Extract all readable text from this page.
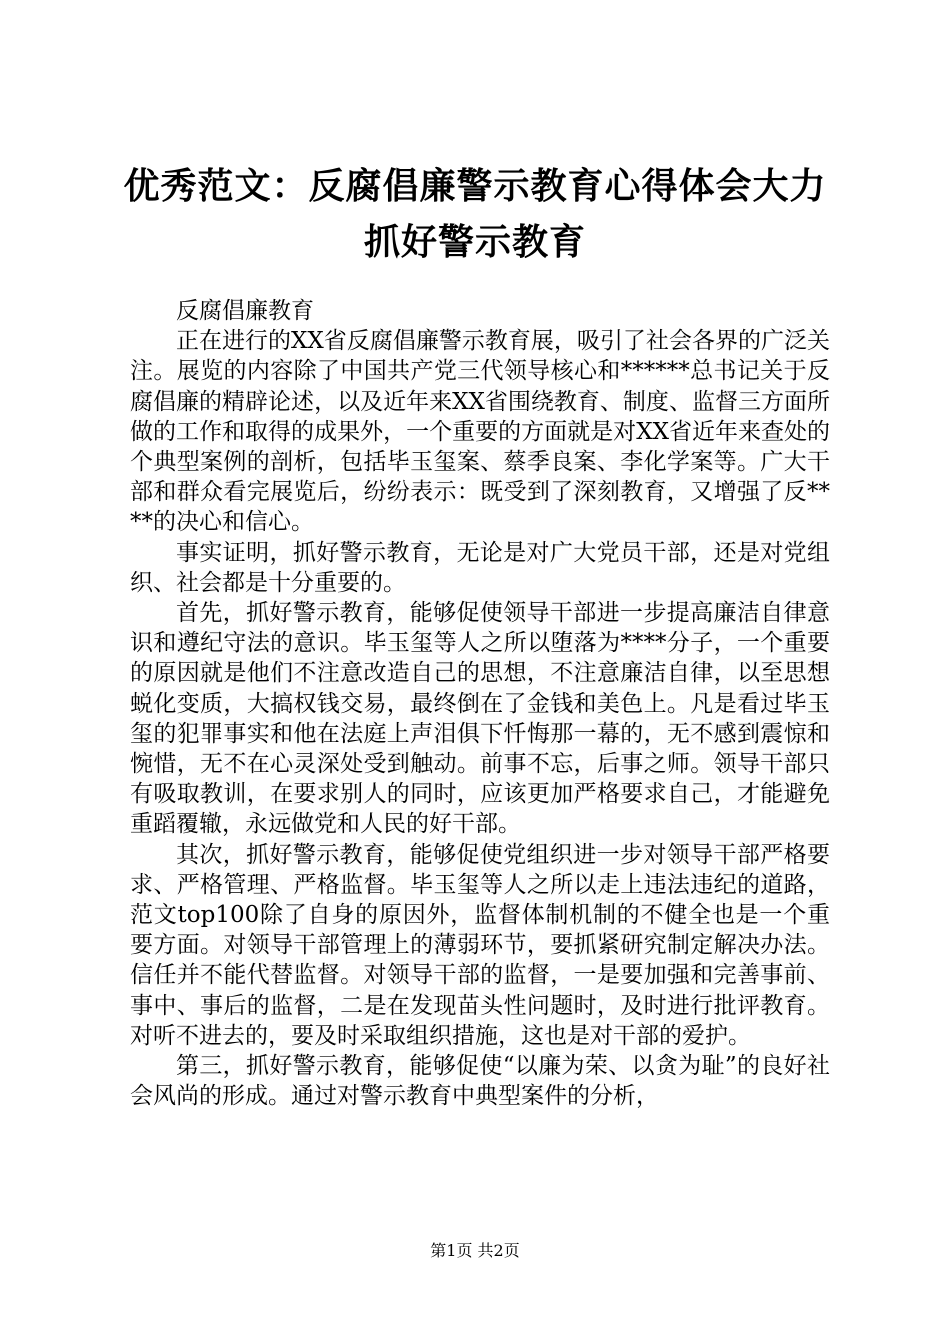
优秀范文：反腐倡廉警示教育心得体会大力抓好警示教育

反腐倡廉教育

正在进行的XX省反腐倡廉警示教育展，吸引了社会各界的广泛关注。展览的内容除了中国共产党三代领导核心和******总书记关于反腐倡廉的精辟论述，以及近年来XX省围绕教育、制度、监督三方面所做的工作和取得的成果外，一个重要的方面就是对XX省近年来查处的个典型案例的剖析，包括毕玉玺案、蔡季良案、李化学案等。广大干部和群众看完展览后，纷纷表示：既受到了深刻教育，又增强了反****的决心和信心。

事实证明，抓好警示教育，无论是对广大党员干部，还是对党组织、社会都是十分重要的。

首先，抓好警示教育，能够促使领导干部进一步提高廉洁自律意识和遵纪守法的意识。毕玉玺等人之所以堕落为****分子，一个重要的原因就是他们不注意改造自己的思想，不注意廉洁自律，以至思想蜕化变质，大搞权钱交易，最终倒在了金钱和美色上。凡是看过毕玉玺的犯罪事实和他在法庭上声泪俱下忏悔那一幕的，无不感到震惊和惋惜，无不在心灵深处受到触动。前事不忘，后事之师。领导干部只有吸取教训，在要求别人的同时，应该更加严格要求自己，才能避免重蹈覆辙，永远做党和人民的好干部。

其次，抓好警示教育，能够促使党组织进一步对领导干部严格要求、严格管理、严格监督。毕玉玺等人之所以走上违法违纪的道路，范文top100除了自身的原因外，监督体制机制的不健全也是一个重要方面。对领导干部管理上的薄弱环节，要抓紧研究制定解决办法。信任并不能代替监督。对领导干部的监督，一是要加强和完善事前、事中、事后的监督，二是在发现苗头性问题时，及时进行批评教育。对听不进去的，要及时采取组织措施，这也是对干部的爱护。

第三，抓好警示教育，能够促使“以廉为荣、以贪为耻”的良好社会风尚的形成。通过对警示教育中典型案件的分析，

第1页 共2页
